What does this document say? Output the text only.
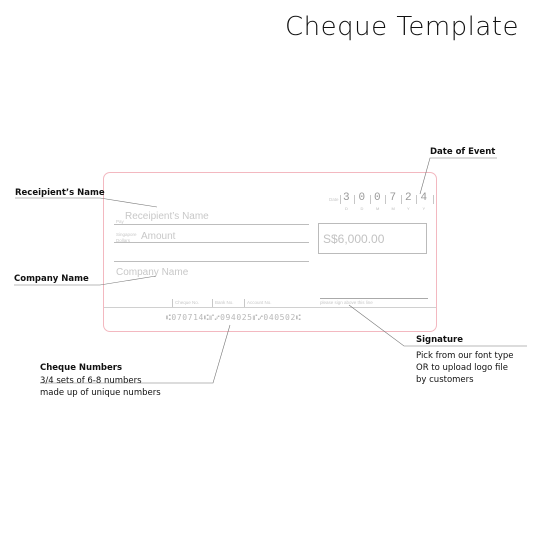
Cheque Template
Date
Pay Receipient’s Name
Singapore
Dollars Amount	S$6,000.00
Company Name
Cheque No.	Bank No.	Account No.	please sign above this line
⑆070714⑆⑈⑇094025⑈⑇040502⑆
Date of Event
Receipient’s Name
Company Name
Signature
Pick from our font type
OR to upload logo file
by customers
Cheque Numbers
3/4 sets of 6-8 numbers
made up of unique numbers
3
D
0
D
0
M
7
M
2
Y
4
Y
